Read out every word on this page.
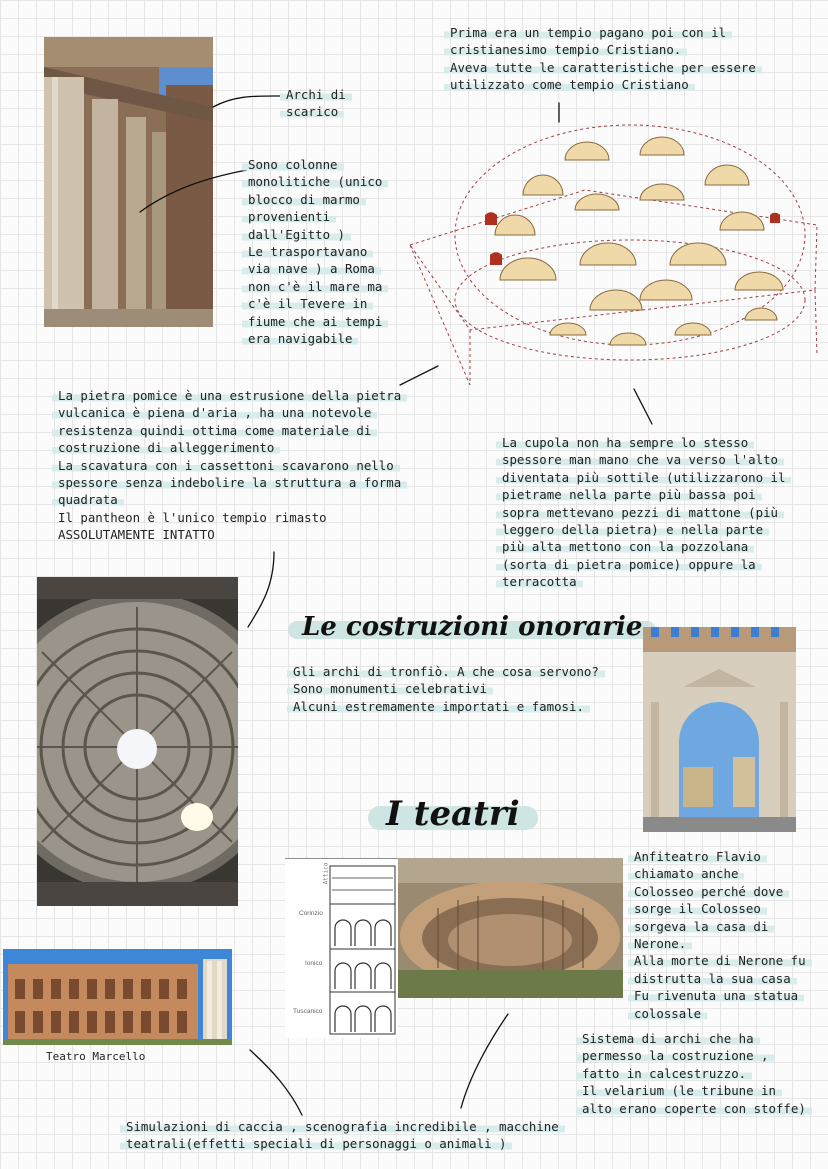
Attico
Corinzio
Ionico
Tuscanico
Archi di
scarico
Sono colonne
monolitiche (unico
blocco di marmo
provenienti
dall'Egitto )
Le trasportavano
via nave ) a Roma
non c'è il mare ma
c'è il Tevere in
fiume che ai tempi
era navigabile
Prima era un tempio pagano poi con il
cristianesimo tempio Cristiano.
Aveva tutte le caratteristiche per essere
utilizzato come tempio Cristiano
La pietra pomice è una estrusione della pietra
vulcanica è piena d'aria , ha una notevole
resistenza quindi ottima come materiale di
costruzione di alleggerimento
La scavatura con i cassettoni scavarono nello
spessore senza indebolire la struttura a forma
quadrata
Il pantheon è l'unico tempio rimasto
ASSOLUTAMENTE INTATTO
La cupola non ha sempre lo stesso
spessore man mano che va verso l'alto
diventata più sottile (utilizzarono il
pietrame nella parte più bassa poi
sopra mettevano pezzi di mattone (più
leggero della pietra) e nella parte
più alta mettono con la pozzolana
(sorta di pietra pomice) oppure la
terracotta
Le costruzioni onorarie
Gli archi di tronfiò. A che cosa servono?
Sono monumenti celebrativi
Alcuni estremamente importati e famosi.
I teatri
Anfiteatro Flavio
chiamato anche
Colosseo perché dove
sorge il Colosseo
sorgeva la casa di
Nerone.
Alla morte di Nerone fu
distrutta la sua casa
Fu rivenuta una statua
colossale
Sistema di archi che ha
permesso la costruzione ,
fatto in calcestruzzo.
Il velarium (le tribune in
alto erano coperte con stoffe)
Teatro Marcello
Simulazioni di caccia , scenografia incredibile , macchine
teatrali(effetti speciali di personaggi o animali )
